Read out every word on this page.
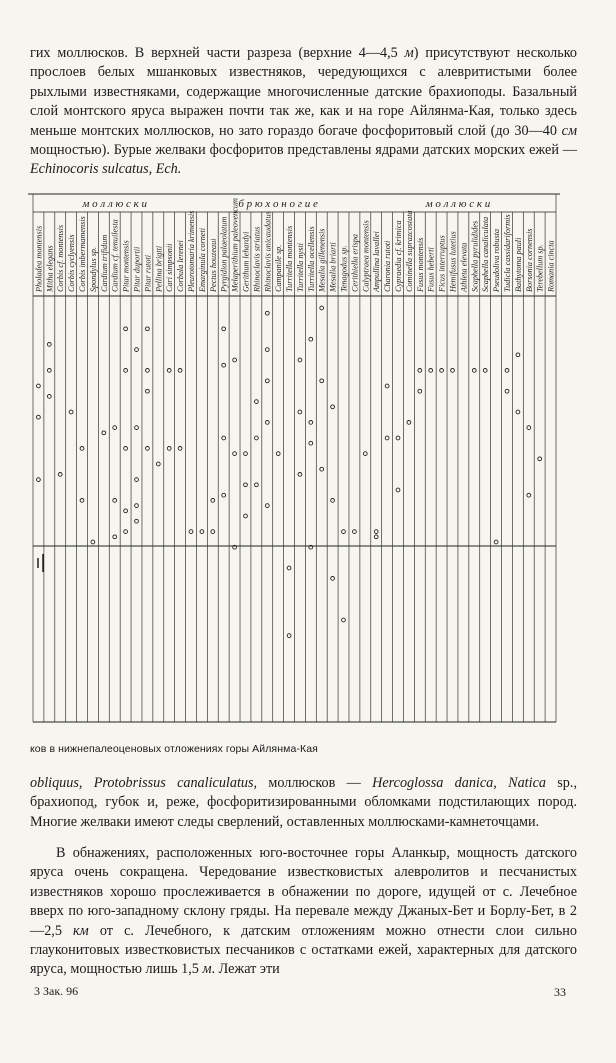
гих моллюсков. В верхней части разреза (верхние 4—4,5 м) присутствуют несколько прослоев белых мшанковых известняков, чередующихся с алевритистыми более рыхлыми известняками, содержащие многочисленные датские брахиоподы. Базальный слой монтского яруса выражен почти так же, как и на горе Айлянма-Кая, только здесь меньше монтских моллюсков, но зато гораздо богаче фосфоритовый слой (до 30—40 см мощностью). Бурые желваки фосфоритов представлены ядрами датских морских ежей — Echinocoris sulcatus, Ech.

м о л л ю с к и	б р ю х о н о г и е	м о л л ю с к и
Pholadea montensis Mitha elegans Corbis cf. montensis Corbis cyclyensis Corbis imbermamensis Spondylus sp. Cardium trifidum Cardium cf. tenuilesta Pitar montensis Pitar duportii Pitar rutoti Pellina brigtti Cari simpsonii Corbula lerenei Pleurotomaria krimensis Emarginula corneti Pectus houzeaui Pyrgidion palaeolatum Melaperithium paleovencum Gerithum lehardyi Rhinoclavis striatus Rhinoclavis unicaudatus Campanile sp. Turritella montensis Turritella nysti Turritella ocellensis Mesalia gillenensis Mesalia briarti Tenagodus sp. Cerithiella erispa Calyptraea montensis Ampullina lavallei Charonia rutoti Cypraedia cf. krimica Cominella suprazcostata Fusus montensis Fusus heberti Ficus interruptus Hemifusus lutetius Athleta elevata Scaphella pyrulidides Scaphella canaliculata Pseudoliva robusta Tudicla cassidariformis Bathytoma pauli Borsonia cornensis Terebellum sp. Romania cincta
ков в нижнепалеоценовых отложениях горы Айлянма-Кая

obliquus, Protobrissus canaliculatus, моллюсков — Hercoglossa danica, Natica sp., брахиопод, губок и, реже, фосфоритизированными обломками подстилающих пород. Многие желваки имеют следы сверлений, оставленных моллюсками-камнеточцами.

В обнажениях, расположенных юго-восточнее горы Аланкыр, мощность датского яруса очень сокращена. Чередование известковистых алевролитов и песчанистых известняков хорошо прослеживается в обнажении по дороге, идущей от с. Лечебное вверх по юго-западному склону гряды. На перевале между Джаных-Бет и Борлу-Бет, в 2—2,5 км от с. Лечебного, к датским отложениям можно отнести слои сильно глауконитовых известковистых песчаников с остатками ежей, характерных для датского яруса, мощностью лишь 1,5 м. Лежат эти

3 Зак. 96	33
